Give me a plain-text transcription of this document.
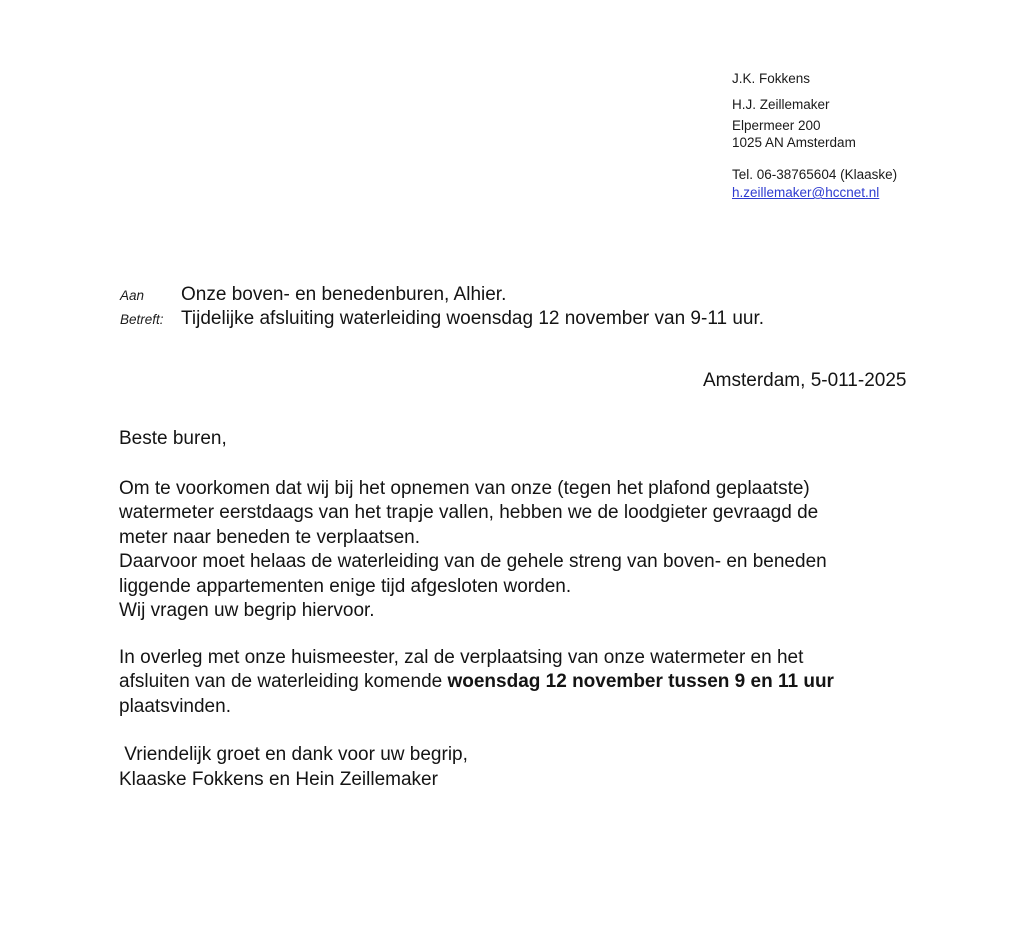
J.K. Fokkens
H.J. Zeillemaker
Elpermeer 200
1025 AN Amsterdam
Tel. 06-38765604 (Klaaske)
h.zeillemaker@hccnet.nl
Aan	Onze boven- en benedenburen, Alhier.
Betreft: Tijdelijke afsluiting waterleiding woensdag 12 november van 9-11 uur.
Amsterdam, 5-011-2025
Beste buren,
Om te voorkomen dat wij bij het opnemen van onze (tegen het plafond geplaatste)
watermeter eerstdaags van het trapje vallen, hebben we de loodgieter gevraagd de
meter naar beneden te verplaatsen.
Daarvoor moet helaas de waterleiding van de gehele streng van boven- en beneden
liggende appartementen enige tijd afgesloten worden.
Wij vragen uw begrip hiervoor.
In overleg met onze huismeester, zal de verplaatsing van onze watermeter en het
afsluiten van de waterleiding komende woensdag 12 november tussen 9 en 11 uur
plaatsvinden.
Vriendelijk groet en dank voor uw begrip,
Klaaske Fokkens en Hein Zeillemaker
